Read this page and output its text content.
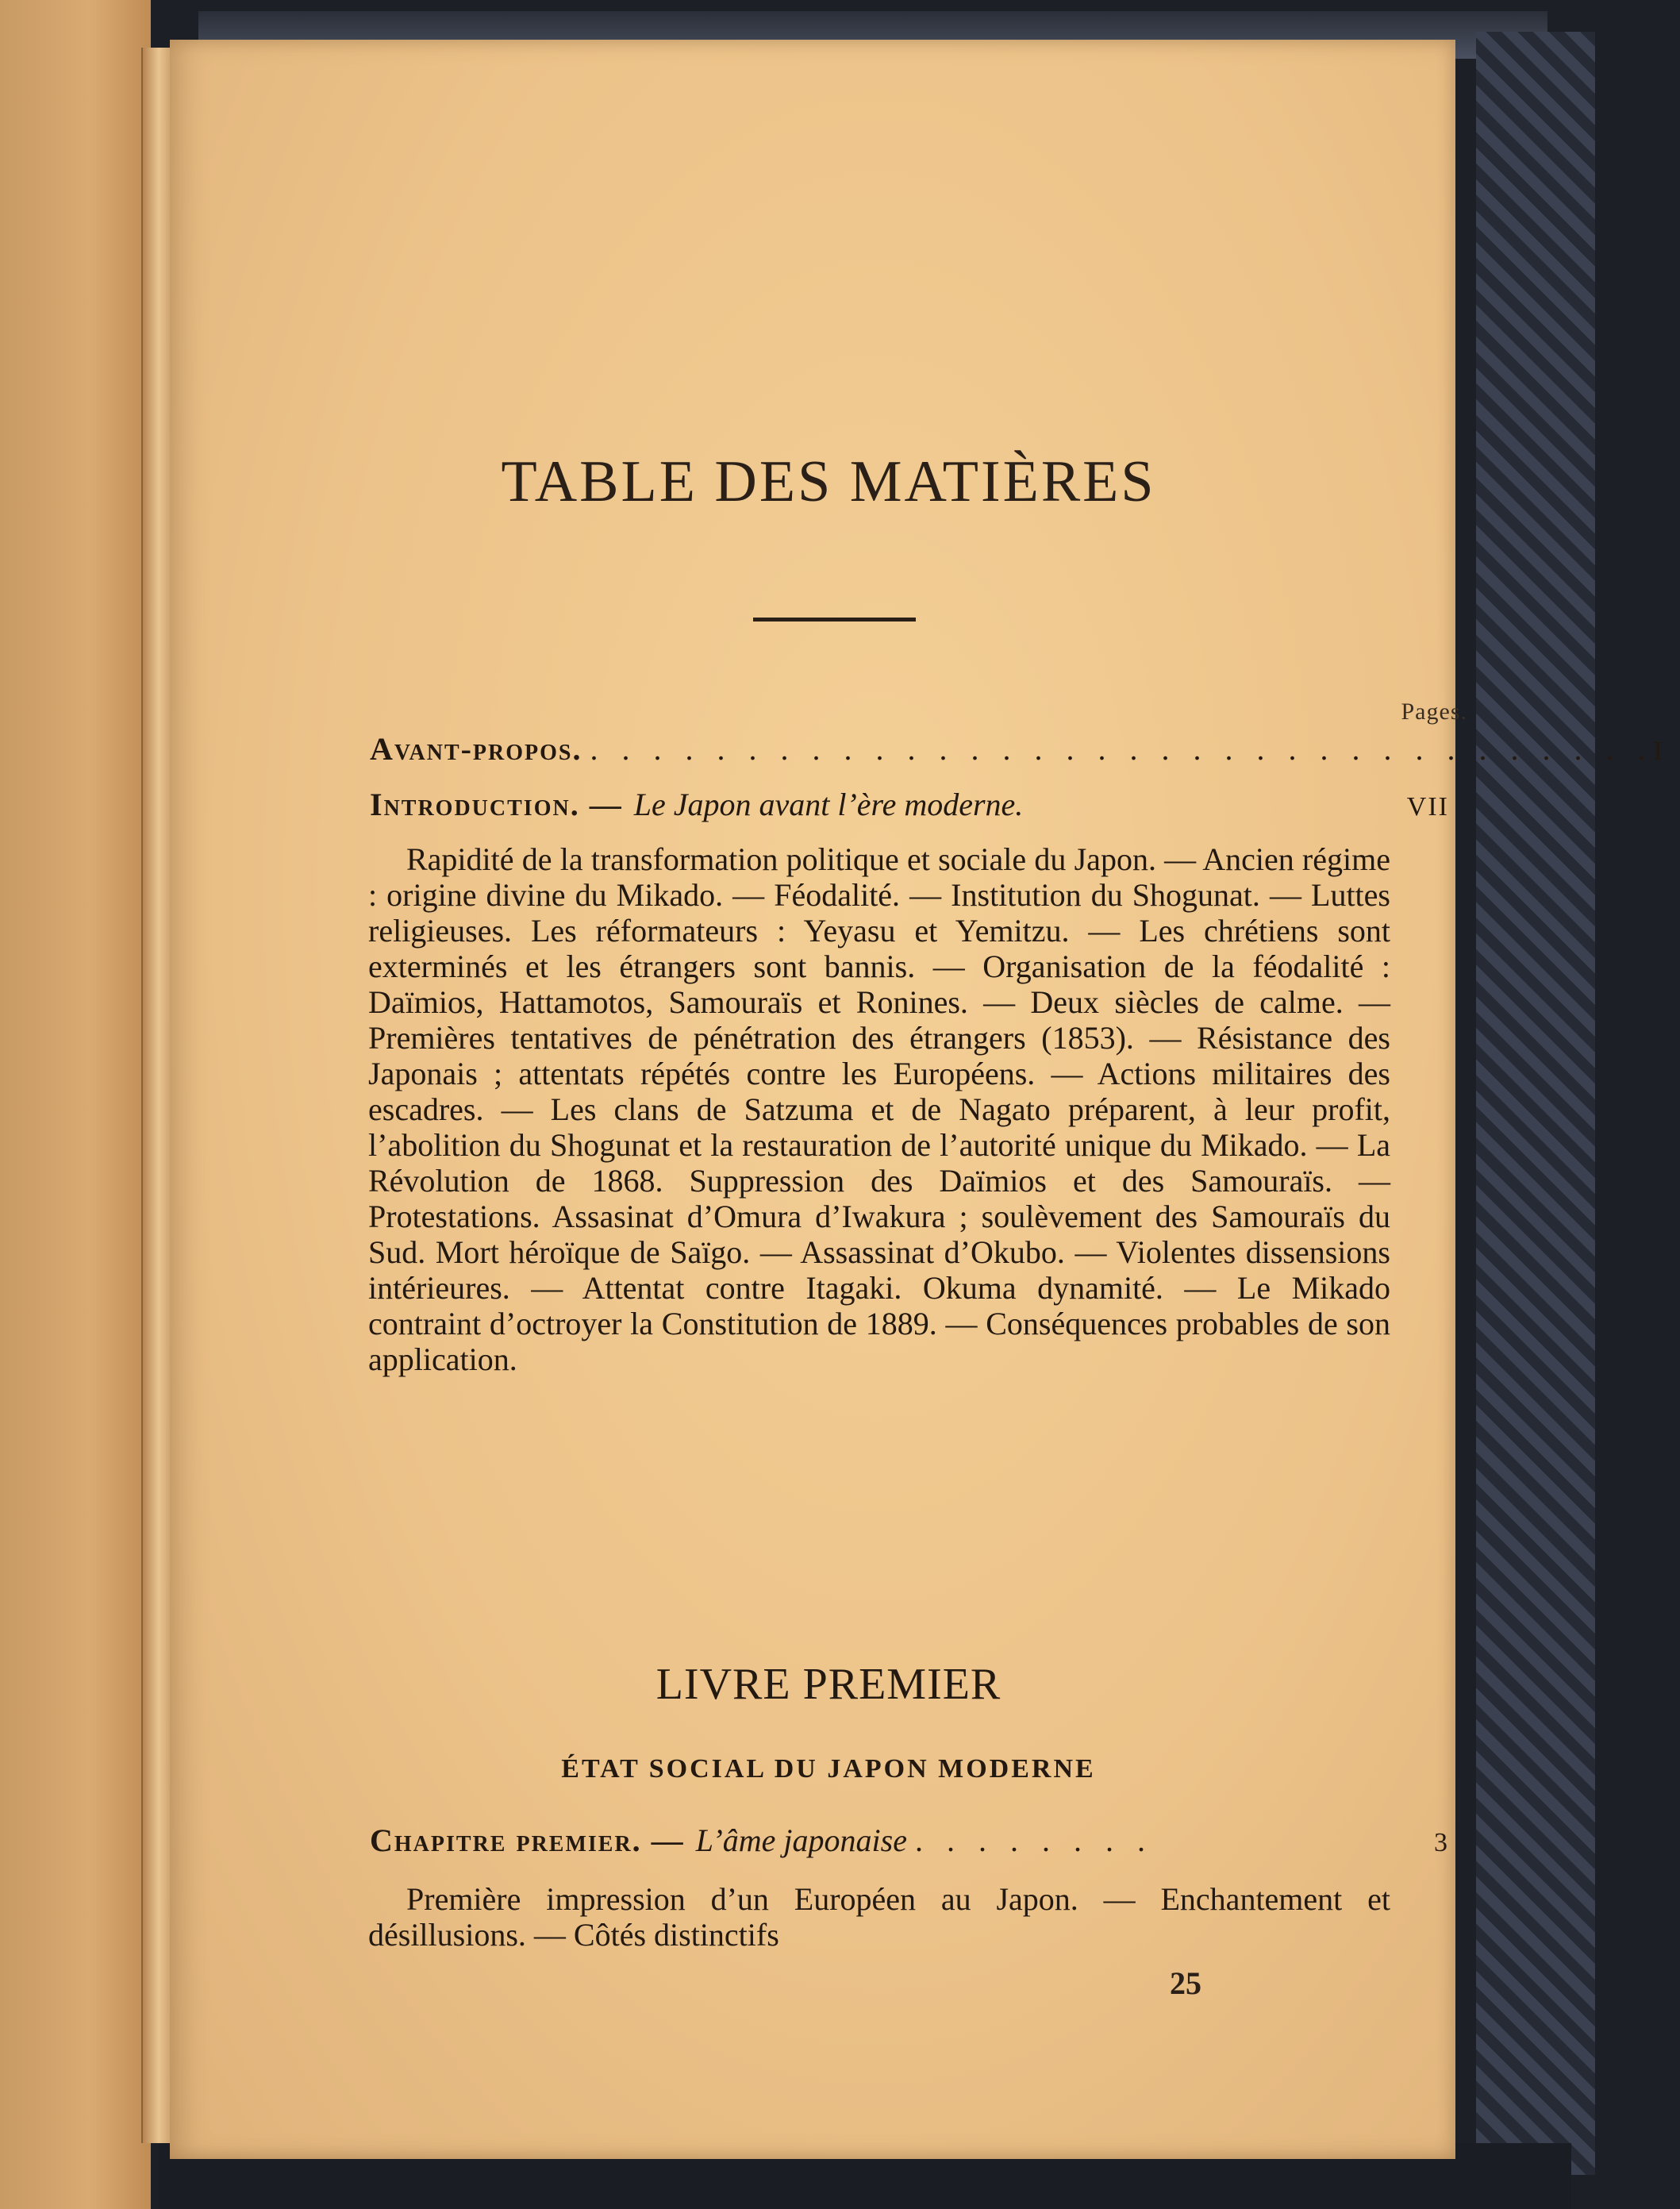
TABLE DES MATIÈRES
Pages.
Avant-propos. . . . . . . . . . . . . . . . . . . . . . . . . . . . . . . . . . . I
Introduction. — Le Japon avant l’ère moderne.	VII
Rapidité de la transformation politique et sociale du Japon. — Ancien régime : origine divine du Mikado. — Féodalité. — Institution du Shogunat. — Luttes religieuses. Les réformateurs : Yeyasu et Yemitzu. — Les chrétiens sont exterminés et les étrangers sont bannis. — Organisation de la féodalité : Daïmios, Hattamotos, Samouraïs et Ronines. — Deux siècles de calme. — Premières tentatives de pénétration des étrangers (1853). — Résistance des Japonais ; attentats répétés contre les Européens. — Actions militaires des escadres. — Les clans de Satzuma et de Nagato préparent, à leur profit, l’abolition du Shogunat et la restauration de l’autorité unique du Mikado. — La Révolution de 1868. Suppression des Daïmios et des Samouraïs. — Protestations. Assasinat d’Omura d’Iwakura ; soulèvement des Samouraïs du Sud. Mort héroïque de Saïgo. — Assassinat d’Okubo. — Violentes dissensions intérieures. — Attentat contre Itagaki. Okuma dynamité. — Le Mikado contraint d’octroyer la Constitution de 1889. — Conséquences probables de son application.
LIVRE PREMIER
ÉTAT SOCIAL DU JAPON MODERNE
Chapitre premier. — L’âme japonaise . . . . . . . .	3
Première impression d’un Européen au Japon. — Enchantement et désillusions. — Côtés distinctifs
25
